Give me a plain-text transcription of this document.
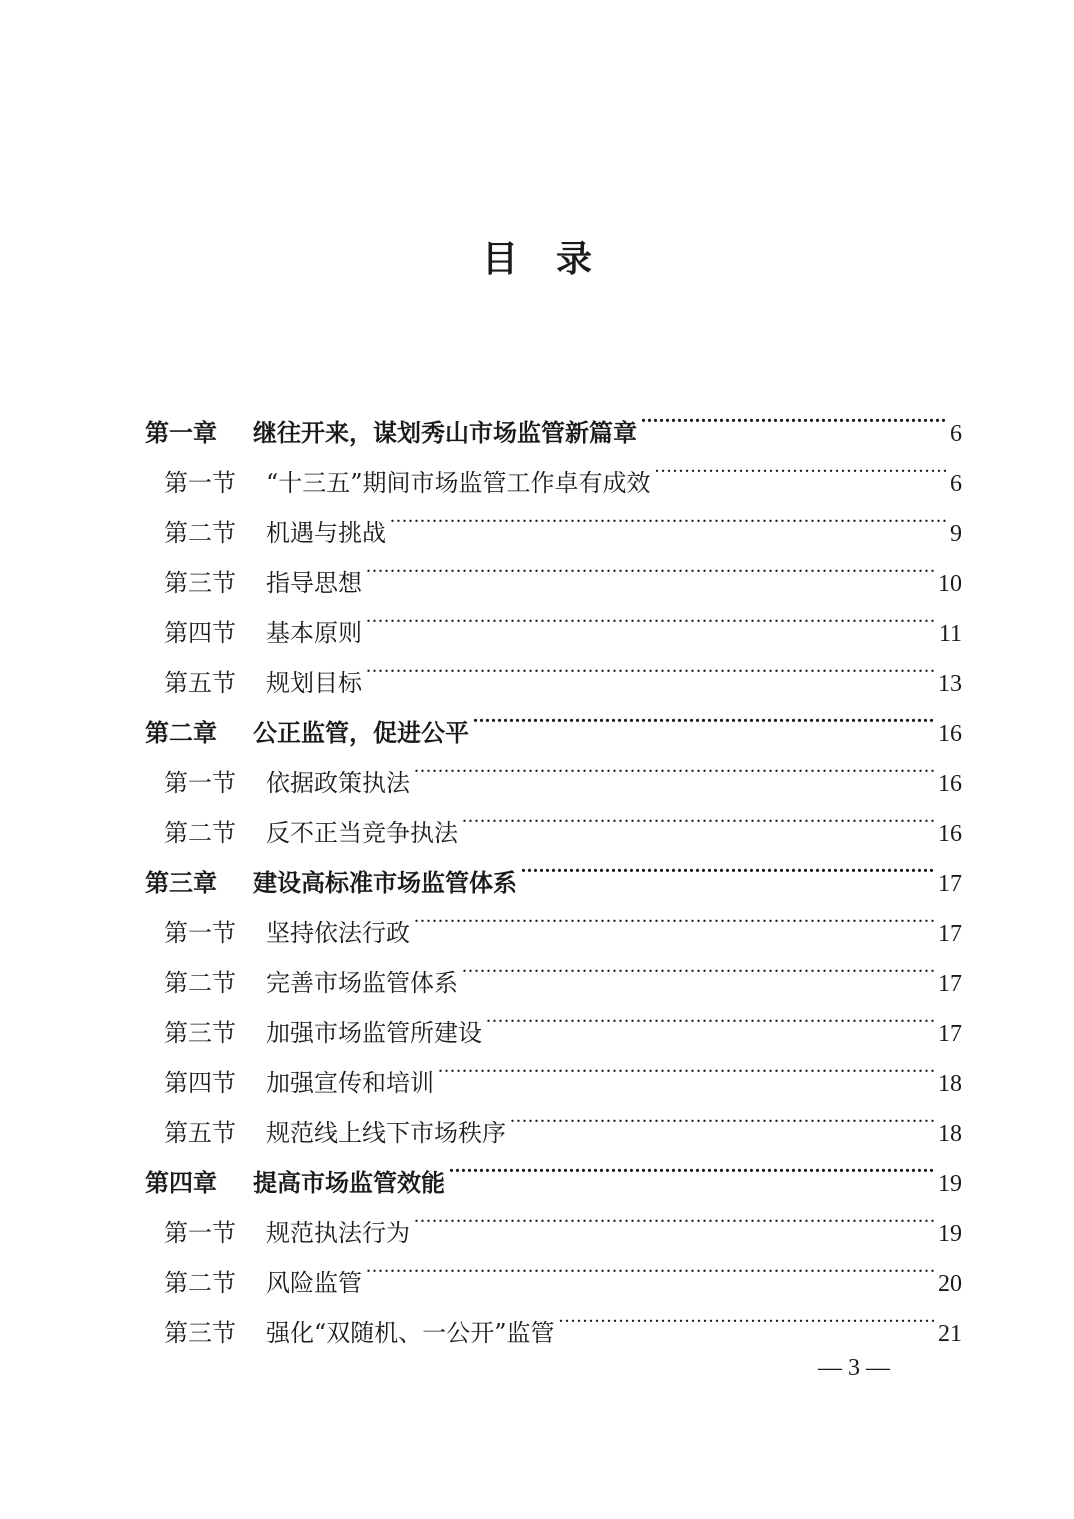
目录
第一章	继往开来，谋划秀山市场监管新篇章 .....	6
第一节	“十三五”期间市场监管工作卓有成效 .....	6
第二节	机遇与挑战 .....	9
第三节	指导思想 .....	10
第四节	基本原则 .....	11
第五节	规划目标 .....	13
第二章	公正监管，促进公平 .....	16
第一节	依据政策执法 .....	16
第二节	反不正当竞争执法 .....	16
第三章	建设高标准市场监管体系 .....	17
第一节	坚持依法行政 .....	17
第二节	完善市场监管体系 .....	17
第三节	加强市场监管所建设 .....	17
第四节	加强宣传和培训 .....	18
第五节	规范线上线下市场秩序 .....	18
第四章	提高市场监管效能 .....	19
第一节	规范执法行为 .....	19
第二节	风险监管 .....	20
第三节	强化“双随机、一公开”监管 .....	21
— 3 —
